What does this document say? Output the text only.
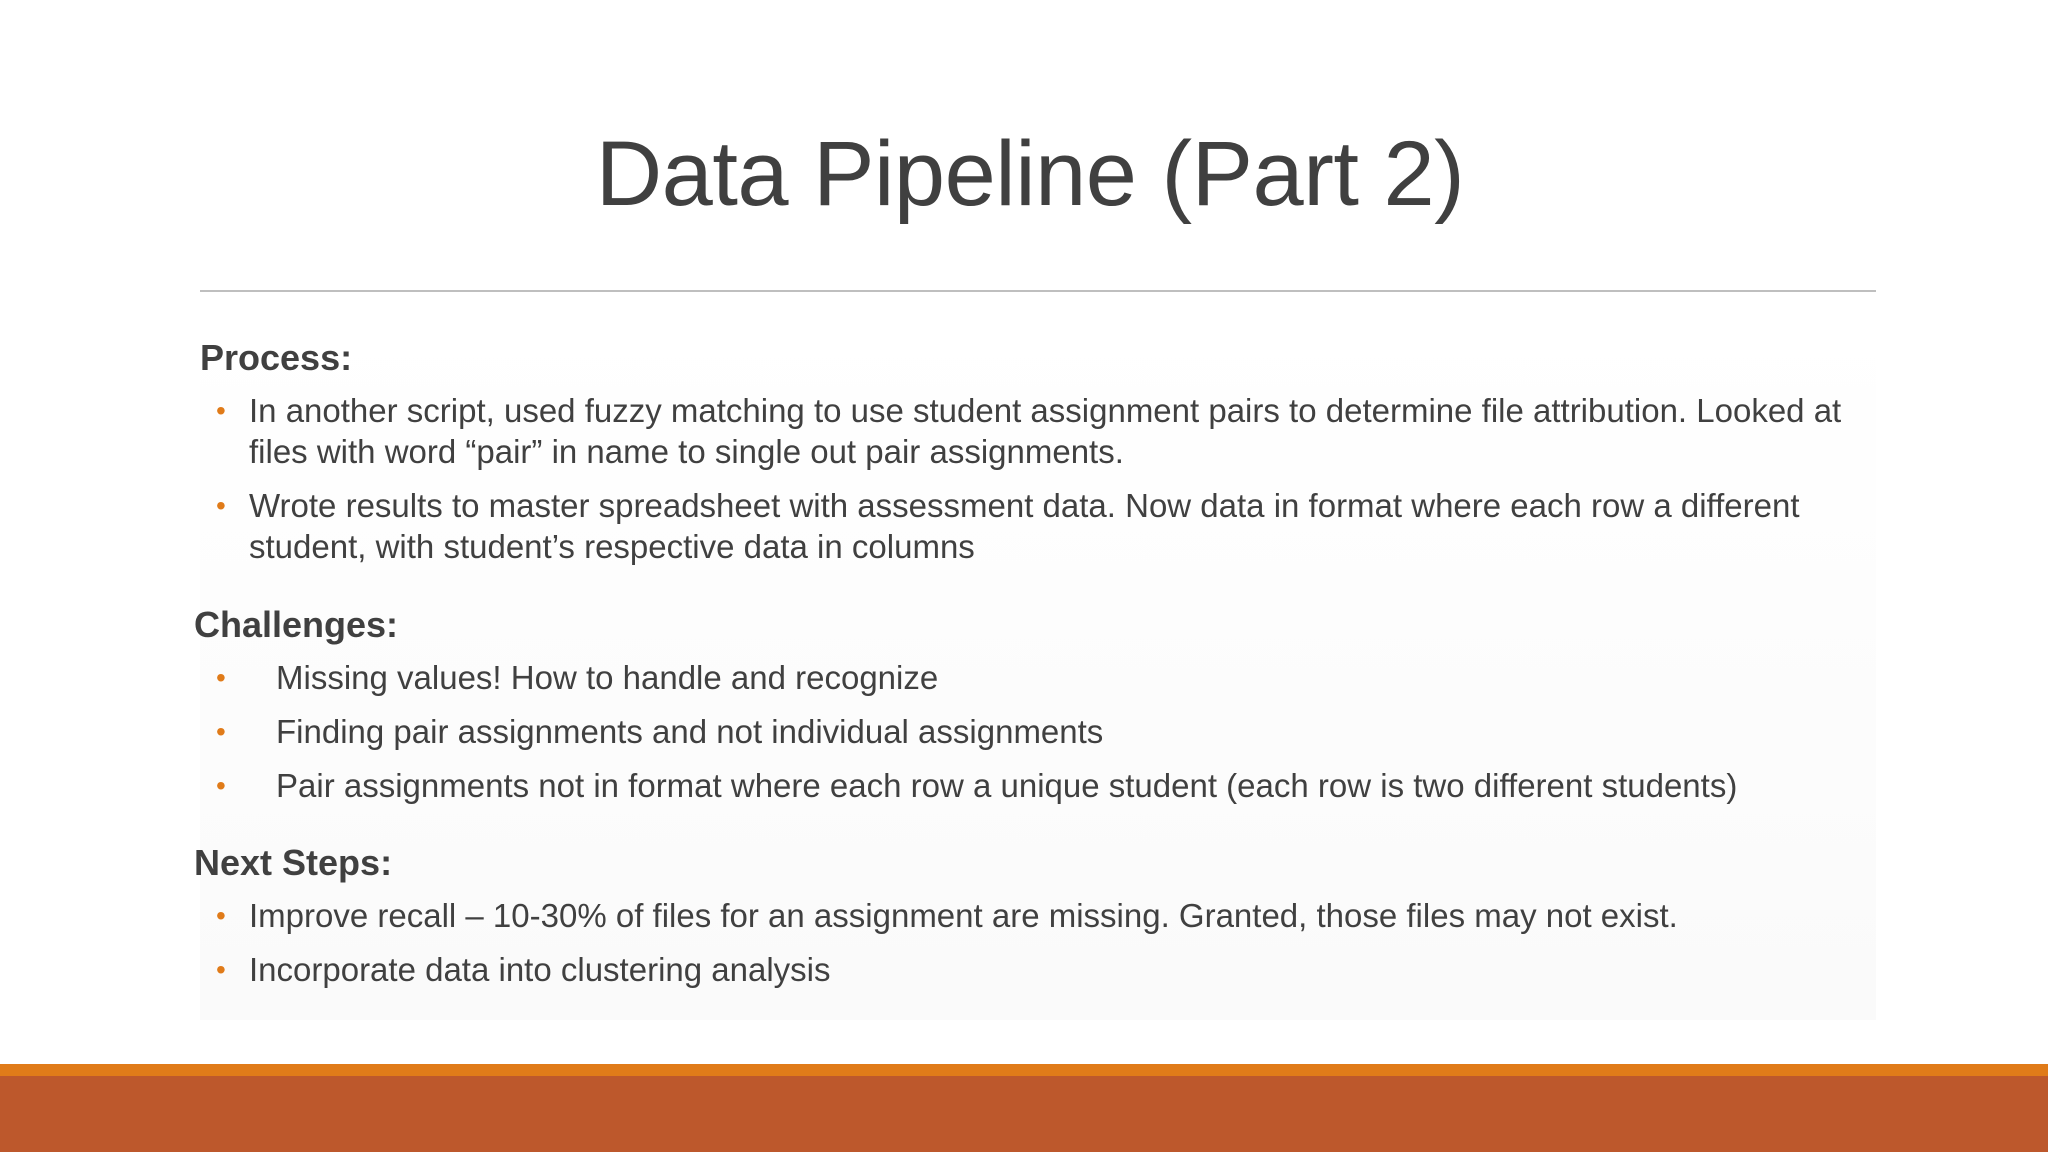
Data Pipeline (Part 2)
Process:
• In another script, used fuzzy matching to use student assignment pairs to determine file attribution. Looked at files with word “pair” in name to single out pair assignments.
• Wrote results to master spreadsheet with assessment data. Now data in format where each row a different student, with student’s respective data in columns
Challenges:
• Missing values! How to handle and recognize
• Finding pair assignments and not individual assignments
• Pair assignments not in format where each row a unique student (each row is two different students)
Next Steps:
• Improve recall – 10-30% of files for an assignment are missing. Granted, those files may not exist.
• Incorporate data into clustering analysis
